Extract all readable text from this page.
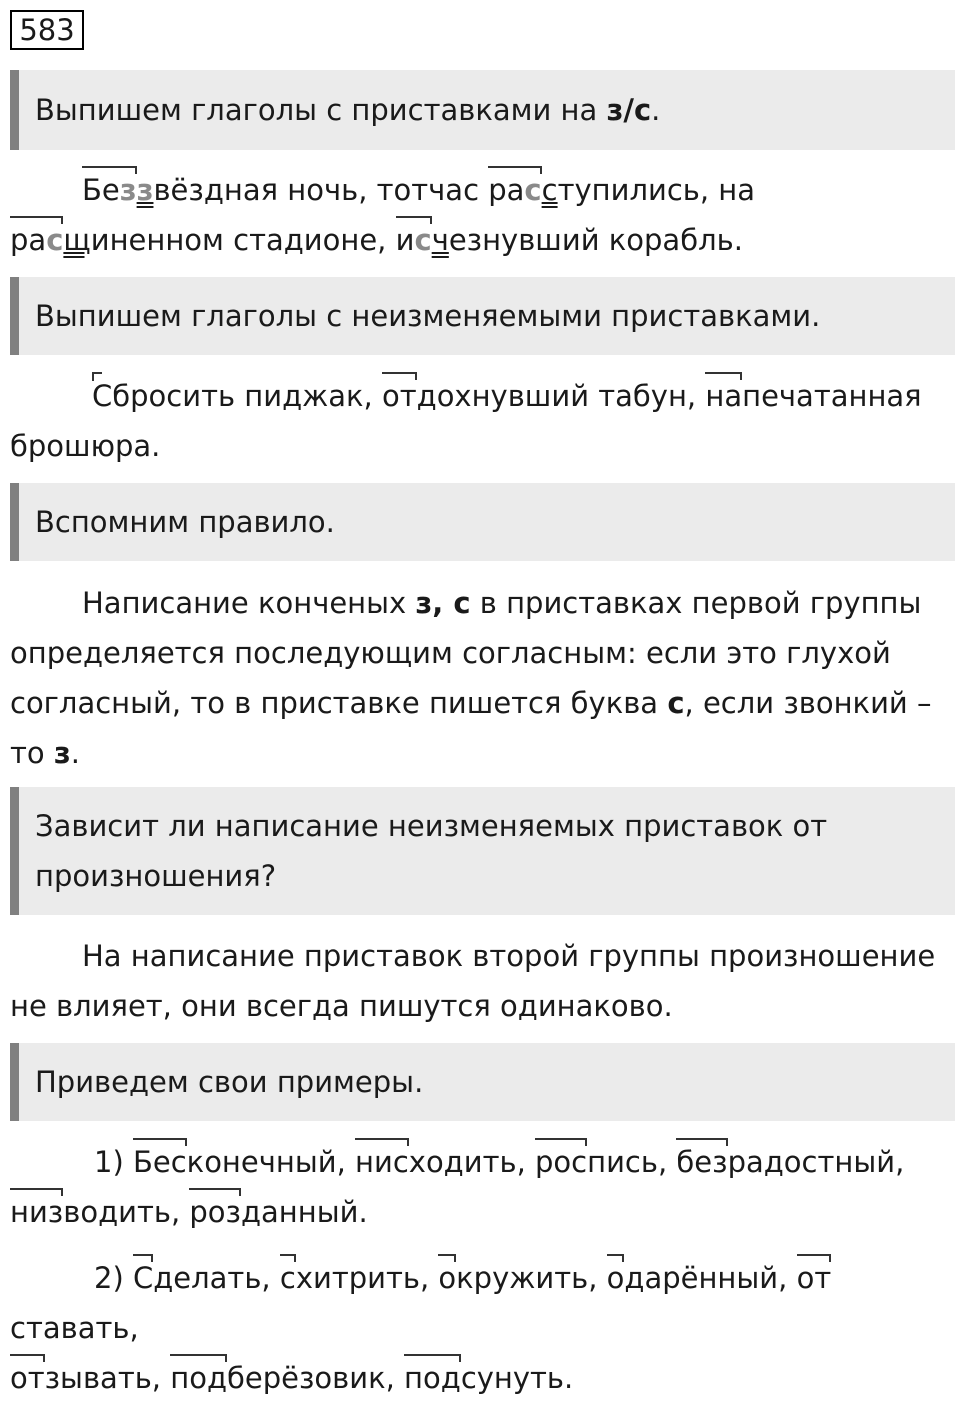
583
Выпишем глаголы с приставками на з/с.
Беззвёздная ночь, тотчас расступились, на
расщиненном стадионе, исчезнувший корабль.
Выпишем глаголы с неизменяемыми приставками.
Сбросить пиджак, отдохнувший табун, напечатанная
брошюра.
Вспомним правило.
Написание конченых з, с в приставках первой группы
определяется последующим согласным: если это глухой
согласный, то в приставке пишется буква с, если звонкий –
то з.
Зависит ли написание неизменяемых приставок от
произношения?
На написание приставок второй группы произношение
не влияет, они всегда пишутся одинаково.
Приведем свои примеры.
1) Бесконечный, нисходить, роспись, безрадостный,
низводить, розданный.
2) Сделать, схитрить, окружить, одарённый, отставать,
отзывать, подберёзовик, подсунуть.
